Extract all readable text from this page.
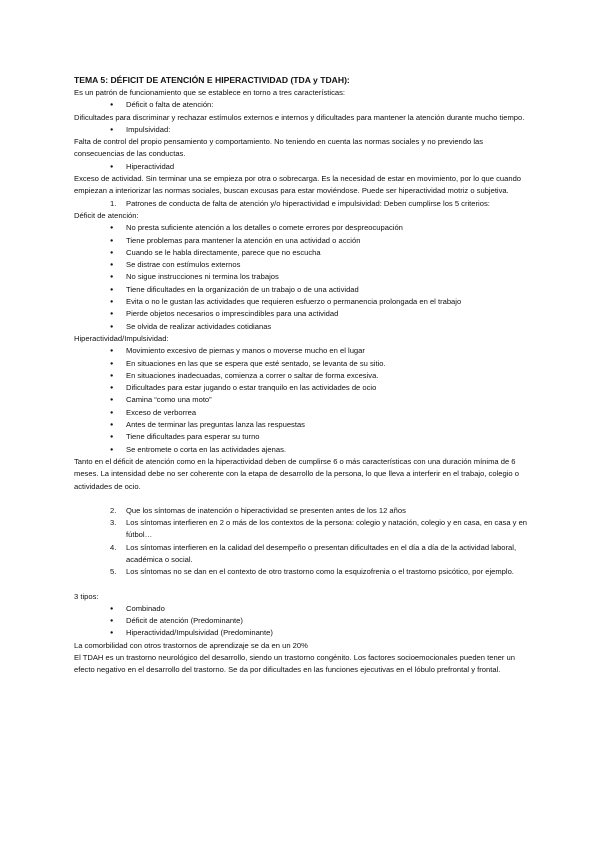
TEMA 5: DÉFICIT DE ATENCIÓN E HIPERACTIVIDAD (TDA y TDAH):

Es un patrón de funcionamiento que se establece en torno a tres características:

● Déficit o falta de atención:

Dificultades para discriminar y rechazar estímulos externos e internos y dificultades para mantener la atención durante mucho tiempo.

● Impulsividad:

Falta de control del propio pensamiento y comportamiento. No teniendo en cuenta las normas sociales y no previendo las consecuencias de las conductas.

● Hiperactividad

Exceso de actividad. Sin terminar una se empieza por otra o sobrecarga. Es la necesidad de estar en movimiento, por lo que cuando empiezan a interiorizar las normas sociales, buscan excusas para estar moviéndose. Puede ser hiperactividad motriz o subjetiva.

1. Patrones de conducta de falta de atención y/o hiperactividad e impulsividad: Deben cumplirse los 5 criterios:

Déficit de atención:

● No presta suficiente atención a los detalles o comete errores por despreocupación
● Tiene problemas para mantener la atención en una actividad o acción
● Cuando se le habla directamente, parece que no escucha
● Se distrae con estímulos externos
● No sigue instrucciones ni termina los trabajos
● Tiene dificultades en la organización de un trabajo o de una actividad
● Evita o no le gustan las actividades que requieren esfuerzo o permanencia prolongada en el trabajo
● Pierde objetos necesarios o imprescindibles para una actividad
● Se olvida de realizar actividades cotidianas

Hiperactividad/Impulsividad:

● Movimiento excesivo de piernas y manos o moverse mucho en el lugar
● En situaciones en las que se espera que esté sentado, se levanta de su sitio.
● En situaciones inadecuadas, comienza a correr o saltar de forma excesiva.
● Dificultades para estar jugando o estar tranquilo en las actividades de ocio
● Camina “como una moto”
● Exceso de verborrea
● Antes de terminar las preguntas lanza las respuestas
● Tiene dificultades para esperar su turno
● Se entromete o corta en las actividades ajenas.

Tanto en el déficit de atención como en la hiperactividad deben de cumplirse 6 o más características con una duración mínima de 6 meses. La intensidad debe no ser coherente con la etapa de desarrollo de la persona, lo que lleva a interferir en el trabajo, colegio o actividades de ocio.

2. Que los síntomas de inatención o hiperactividad se presenten antes de los 12 años
3. Los síntomas interfieren en 2 o más de los contextos de la persona: colegio y natación, colegio y en casa, en casa y en fútbol…
4. Los síntomas interfieren en la calidad del desempeño o presentan dificultades en el día a día de la actividad laboral, académica o social.
5. Los síntomas no se dan en el contexto de otro trastorno como la esquizofrenia o el trastorno psicótico, por ejemplo.

3 tipos:

● Combinado
● Déficit de atención (Predominante)
● Hiperactividad/Impulsividad (Predominante)

La comorbilidad con otros trastornos de aprendizaje se da en un 20%

El TDAH es un trastorno neurológico del desarrollo, siendo un trastorno congénito. Los factores socioemocionales pueden tener un efecto negativo en el desarrollo del trastorno. Se da por dificultades en las funciones ejecutivas en el lóbulo prefrontal y frontal.
